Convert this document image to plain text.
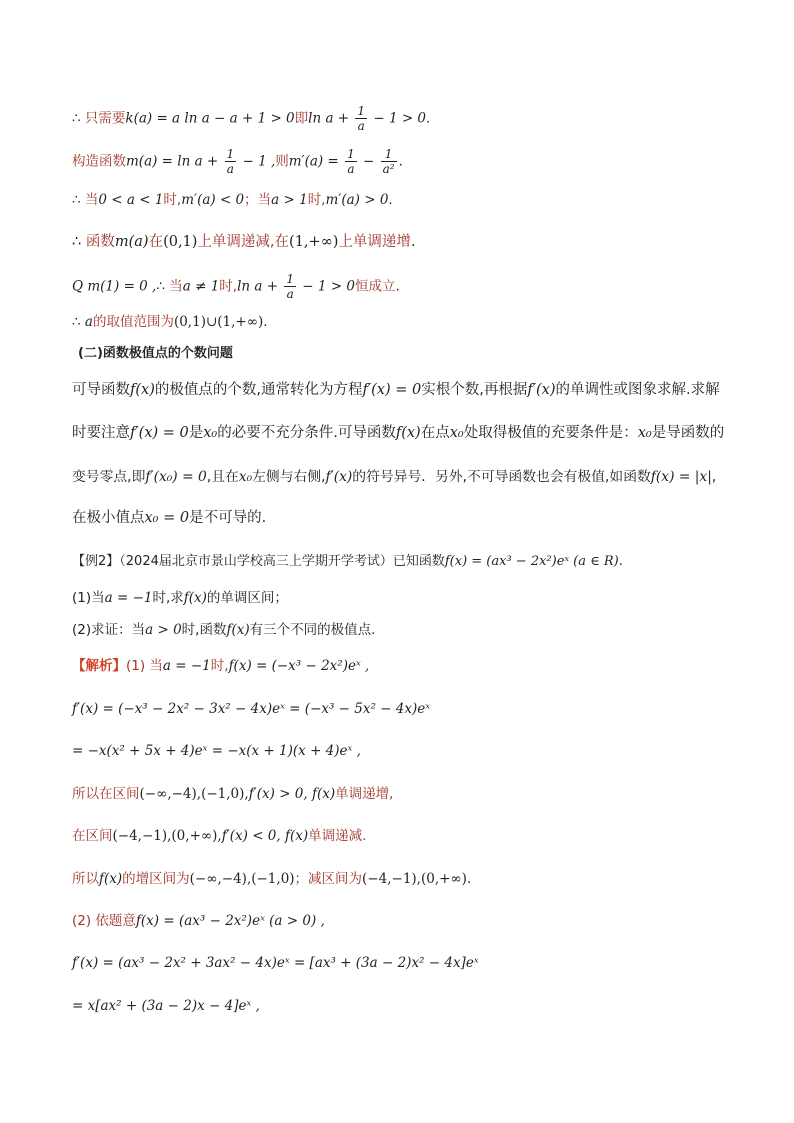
∴ 只需要k(a) = a ln a − a + 1 > 0即$\ln a + \frac{1}{a} - 1 > 0$.
构造函数$m(a) = \ln a + \frac{1}{a} - 1$ ,则$m'(a) = \frac{1}{a} - \frac{1}{\text{a²}}$ .
∴ 当0 < a < 1时,m′(a) < 0；当a > 1时,m′(a) > 0.
∴ 函数m(a)在(0,1)上单调递减,在(1,+∞)上单调递增.
Q m(1) = 0 ,∴ 当a ≠ 1时,ln $a + \frac{1}{a} - 1 > 0$恒成立.
∴ a的取值范围为(0,1)∪(1,+∞).
(二)函数极值点的个数问题
可导函数f(x)的极值点的个数,通常转化为方程f′(x) = 0实根个数,再根据f′(x)的单调性或图象求解.求解
时要注意f′(x) = 0是x₀的必要不充分条件.可导函数f(x)在点x₀处取得极值的充要条件是：x₀是导函数的
变号零点,即f′(x₀) = 0,且在x₀左侧与右侧,f′(x)的符号异号．另外,不可导函数也会有极值,如函数f(x) = |x|,
在极小值点x₀ = 0是不可导的.
【例2】（2024届北京市景山学校高三上学期开学考试）已知函数f(x) = (ax³ − 2x²)eˣ (a ∈ R).
(1)当a = −1时,求f(x)的单调区间；
(2)求证：当a > 0时,函数f(x)有三个不同的极值点.
【解析】(1) 当a = −1时,f(x) = (−x³ − 2x²)eˣ ,
f′(x) = (−x³ − 2x² − 3x² − 4x)eˣ = (−x³ − 5x² − 4x)eˣ
= −x(x² + 5x + 4)eˣ = −x(x + 1)(x + 4)eˣ ,
所以在区间(−∞,−4),(−1,0),f′(x) > 0, f(x)单调递增,
在区间(−4,−1),(0,+∞),f′(x) < 0, f(x)单调递减.
所以f(x)的增区间为(−∞,−4),(−1,0)；减区间为(−4,−1),(0,+∞).
(2) 依题意f(x) = (ax³ − 2x²)eˣ (a > 0) ,
f′(x) = (ax³ − 2x² + 3ax² − 4x)eˣ = [ax³ + (3a − 2)x² − 4x]eˣ
= x[ax² + (3a − 2)x − 4]eˣ ,
